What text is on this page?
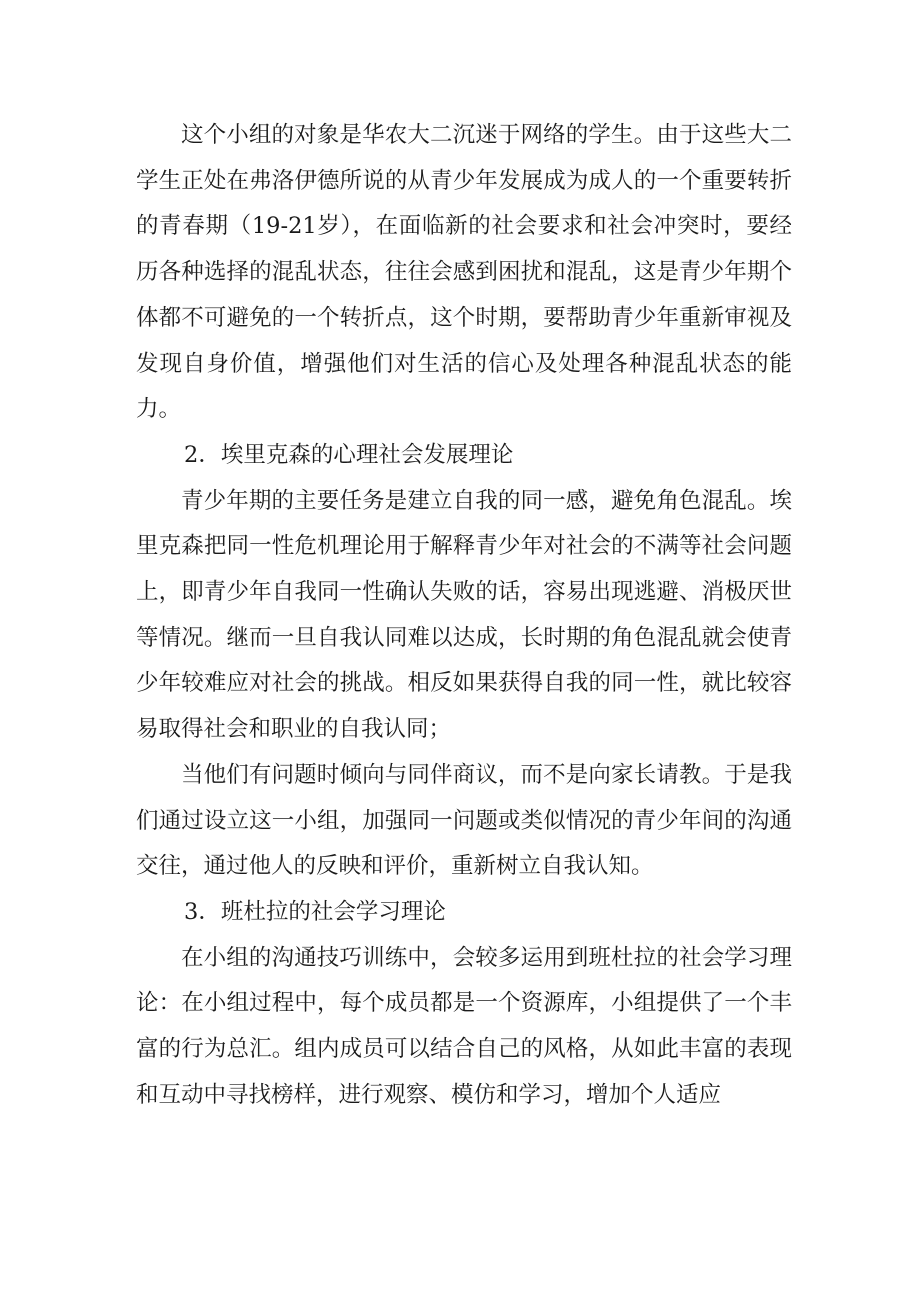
这个小组的对象是华农大二沉迷于网络的学生。由于这些大二学生正处在弗洛伊德所说的从青少年发展成为成人的一个重要转折的青春期（19-21岁），在面临新的社会要求和社会冲突时，要经历各种选择的混乱状态，往往会感到困扰和混乱，这是青少年期个体都不可避免的一个转折点，这个时期，要帮助青少年重新审视及发现自身价值，增强他们对生活的信心及处理各种混乱状态的能力。

2．埃里克森的心理社会发展理论

青少年期的主要任务是建立自我的同一感，避免角色混乱。埃里克森把同一性危机理论用于解释青少年对社会的不满等社会问题上，即青少年自我同一性确认失败的话，容易出现逃避、消极厌世等情况。继而一旦自我认同难以达成，长时期的角色混乱就会使青少年较难应对社会的挑战。相反如果获得自我的同一性，就比较容易取得社会和职业的自我认同；

当他们有问题时倾向与同伴商议，而不是向家长请教。于是我们通过设立这一小组，加强同一问题或类似情况的青少年间的沟通交往，通过他人的反映和评价，重新树立自我认知。

3．班杜拉的社会学习理论

在小组的沟通技巧训练中，会较多运用到班杜拉的社会学习理论：在小组过程中，每个成员都是一个资源库，小组提供了一个丰富的行为总汇。组内成员可以结合自己的风格，从如此丰富的表现和互动中寻找榜样，进行观察、模仿和学习，增加个人适应
